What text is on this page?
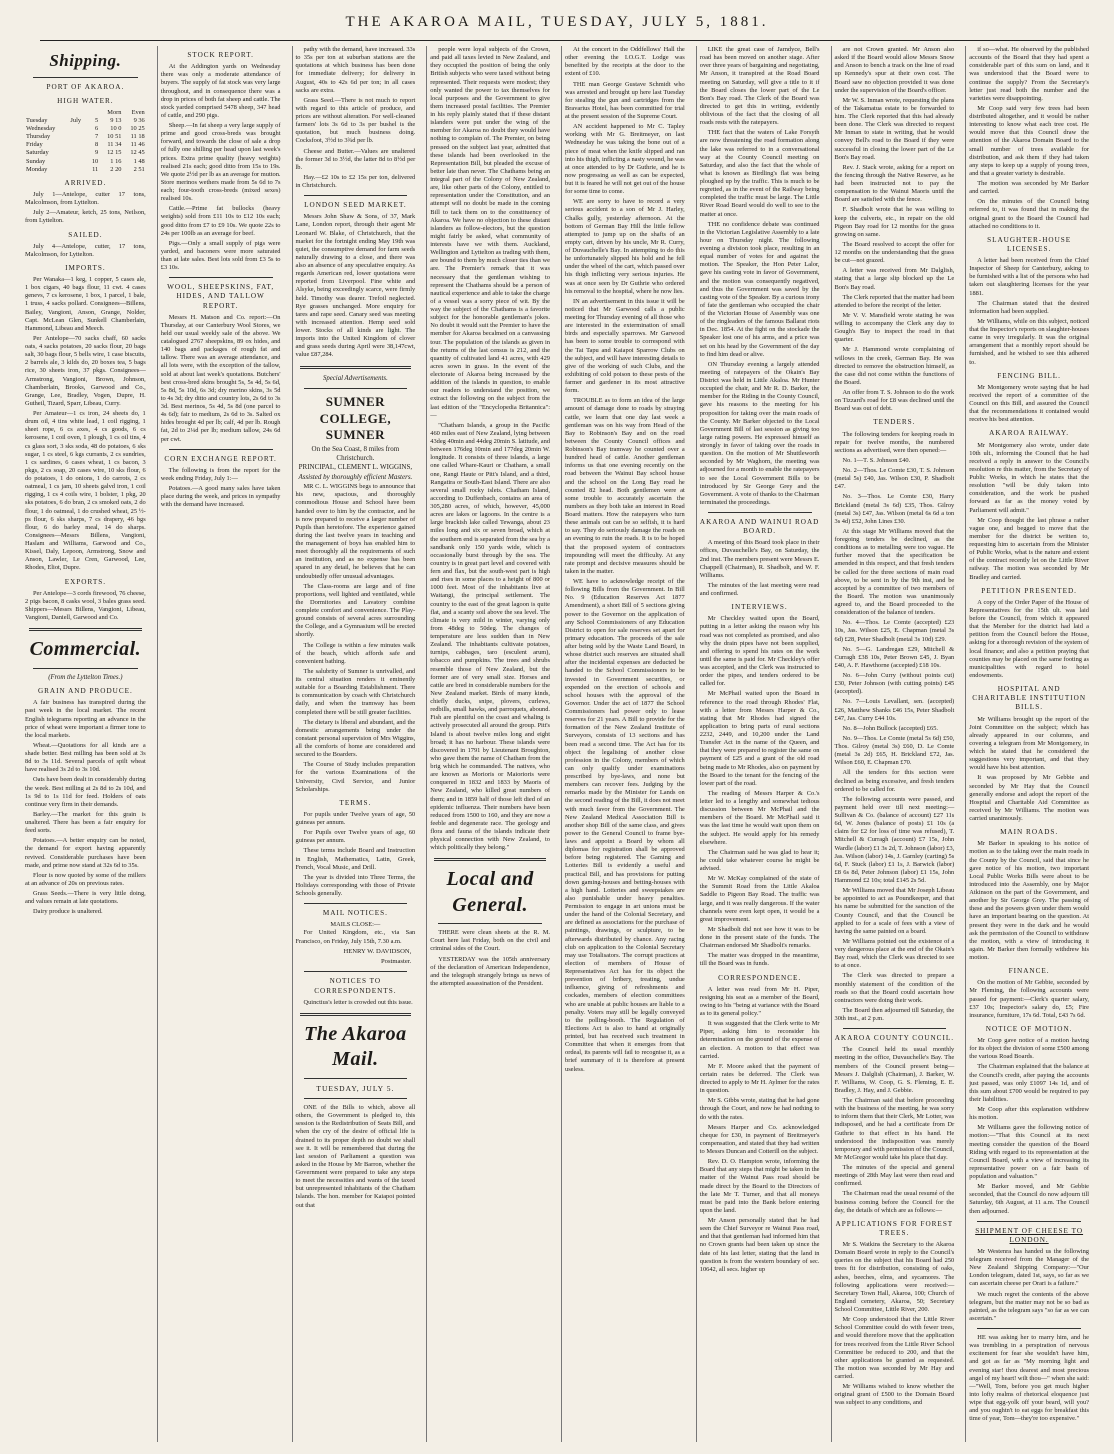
THE AKAROA MAIL, TUESDAY, JULY 5, 1881.
Shipping.
PORT OF AKAROA.
HIGH WATER.
			Morn	Even
Tuesday	July	5	9 13	9 36
Wednesday		6	10 0	10 25
Thursday		7	10 51	11 18
Friday		8	11 34	11 46
Saturday		9	12 15	12 45
Sunday		10	1 16	1 48
Monday		11	2 20	2 51
ARRIVED.

July 1—Antelope, cutter 17 tons, Malcolmson, from Lyttelton.

July 2—Amateur, ketch, 25 tons, Neilson, from Lyttelton.

SAILED.

July 4—Antelope, cutter, 17 tons, Malcolmson, for Lyttelton.

IMPORTS.

Per Wanaka—1 keg, 1 copper, 5 cases ale, 1 box cigars, 40 bags flour, 11 cwt. 4 cases genevs, 7 cs kerosene, 1 box, 1 parcel, 1 bale, 1 truss, 4 sacks pollard. Consignees—Billens, Bailey, Vangioni, Anson, Grange, Nolder, Capt. McLean Glen, Sunkell Chamberlain, Hammond, Libeau and Meech.

Per Antelope—70 sacks chaff, 60 sacks oats, 4 sacks potatoes, 20 sacks flour, 20 bags salt, 30 bags flour, 5 bells wire, 1 case biscuits, 2 barrels ale, 3 kilds do, 20 boxes tea, 5 bags rice, 30 sheets iron, 37 pkgs. Consignees—Armstrong, Vangioni, Brown, Johnson, Chamberlain, Brooks, Garwood and Co., Grange, Lee, Bradley, Vogen, Dupre, H. Gutheil, Tizard, Sparr, Libeau, Curry.

Per Amateur—1 cs iron, 24 sheets do, 1 drum oil, 4 tins white lead, 1 coil rigging, 1 sheet rope, 6 cs axes, 4 cs goods, 6 cs kerosene, 1 coil oven, 1 plough, 1 cs oil tins, 4 cs glass sort, 3 sks soda, 48 do potatoes, 6 sks sugar, 1 cs steel, 6 kgs currants, 2 cs sundries, 1 cs sardines, 6 cases wheat, 1 cs bacon, 3 pkgs, 2 cs soap, 20 cases wire, 10 sks flour, 6 do potatoes, 1 do onions, 1 do carrots, 2 cs oatmeal, 1 cs jam, 10 sheets galvd iron, 1 coil rigging, 1 cs 4 coils wire, 1 bolster, 1 pkg, 20 sks potatoes, 6 do bran, 2 cs smoked oats, 2 do flour, 1 do oatmeal, 1 do crushed wheat, 25 ½-ps flour, 6 sks sharps, 7 cs drapery, 46 bgs flour, 6 do barley meal, 14 do sharps. Consignees—Messrs Billens, Vangioni, Haslam and Williams, Garwood and Co., Kissel, Daly, Lepoon, Armstrong, Snow and Anson, Lawler, Le Cren, Garwood, Lee, Rhodes, Eliot, Dupre.

EXPORTS.

Per Antelope—3 cords firewood, 76 cheese, 2 pigs bacon, 8 casks wool, 3 bales grass seed. Shippers—Messrs Billens, Vangioni, Libeau, Vangioni, Daniell, Garwood and Co.

Commercial.
(From the Lyttelton Times.)
GRAIN AND PRODUCE.

A fair business has transpired during the past week in the local market. The recent English telegrams reporting an advance in the price of wheat were important a firmer tone to the local markets.

Wheat.—Quotations for all kinds are a shade better. Best milling has been sold at 3s 8d to 3s 11d. Several parcels of spilt wheat have realised 3s 2d to 3s 10d.

Oats have been dealt in considerably during the week. Best milling at 2s 8d to 2s 10d, and 1s 9d to 1s 11d for feed. Holders of oats continue very firm in their demands.

Barley.—The market for this grain is unaltered. There has been a fair enquiry for feed sorts.

Potatoes.—A better enquiry can be noted, the demand for export having apparently revived. Considerable purchases have been made, and prime now stand at 32s 6d to 35s.

Flour is now quoted by some of the millers at an advance of 20s on previous rates.

Grass Seeds.—There is very little doing, and values remain at late quotations.

Dairy produce is unaltered.

STOCK REPORT.

At the Addington yards on Wednesday there was only a moderate attendance of buyers. The supply of fat stock was very large throughout, and in consequence there was a drop in prices of both fat sheep and cattle. The stock yarded comprised 5478 sheep, 347 head of cattle, and 290 pigs.

Sheep.—In fat sheep a very large supply of prime and good cross-breds was brought forward, and towards the close of sale a drop of fully one shilling per head upon last week's prices. Extra prime quality (heavy weights) realised 21s each; good ditto from 15s to 19s. We quote 2½d per lb as an average for mutton. Store merinos wethers made from 5s 6d to 7s each; four-tooth cross-breds (mixed sexes) realised 10s.

Cattle.—Prime fat bullocks (heavy weights) sold from £11 10s to £12 10s each; good ditto from £7 to £9 10s. We quote 22s to 24s per 100lb as an average for beef.

Pigs.—Only a small supply of pigs were yarded, and baconers were more saturated than at late sales. Best lots sold from £3 5s to £3 10s.

WOOL, SHEEPSKINS, FAT, HIDES, AND TALLOW REPORT.

Messrs H. Matson and Co. report:—On Thursday, at our Canterbury Wool Stores, we held our usual weekly sale of the above. We catalogued 2767 sheepskins, 89 ox hides, and 140 bags and packages of rough fat and tallow. There was an average attendance, and all lots were, with the exception of the tallow, sold at about last week's quotations. Butchers' best cross-bred skins brought 5s, 5s 4d, 5s 6d, 5s 8d, 5s 10d, 6s 3d; dry merino skins, 3s 5d to 4s 3d; dry ditto and country lots, 2s 6d to 3s 3d. Best merinos, 5s 4d, 5s 8d (one parcel to 4s 6d); fair to medium, 2s 6d to 3s. Salted ox hides brought 4d per lb; calf, 4d per lb. Rough fat, 2d to 2¼d per lb; medium tallow, 24s 6d per cwt.

CORN EXCHANGE REPORT.

The following is from the report for the week ending Friday, July 1:—

Potatoes.—A good many sales have taken place during the week, and prices in sympathy with the demand have increased.

pathy with the demand, have increased. 33s to 35s per ton at suburban stations are the quotations at which business has been done for immediate delivery; for delivery in August, 40s to 42s 6d per ton; in all cases sacks are extra.

Grass Seed.—There is not much to report with regard to this article of produce, and prices are without alteration. For well-cleaned farmers' lots 3s 6d to 3s per bushel is the quotation, but much business doing. Cocksfoot, 3½d to 3¾d per lb.

Cheese and Butter.—Values are unaltered the former 3d to 3½d, the latter 8d to 8½d per lb.

Hay.—£2 10s to £2 15s per ton, delivered in Christchurch.

LONDON SEED MARKET.

Messrs John Shaw & Sons, of 37, Mark Lane, London report, through their agent Mr Leonard W. Blake, of Christchurch, that the market for the fortnight ending May 19th was quiet, the consumptive demand for farm seeds naturally drawing to a close, and there was also an absence of any speculative enquiry. As regards American red, lower quotations were reported from Liverpool. Fine white and Alsyke, being exceedingly scarce, were firmly held. Timothy was dearer. Trefoil neglected. Rye grasses unchanged. More enquiry for tares and rape seed. Canary seed was meeting with increased attention. Hemp seed sold lower. Stocks of all kinds are light. The imports into the United Kingdom of clover and grass seeds during April were 38,147cwt, value £87,284.

Special Advertisements.
SUMNER COLLEGE, SUMNER
On the Sea Coast, 8 miles from Christchurch.
PRINCIPAL, CLEMENT L. WIGGINS,
Assisted by thoroughly efficient Masters.

MR C. L. WIGGINS begs to announce that his new, spacious, and thoroughly commodious House and School have been handed over to him by the contractor, and he is now prepared to receive a larger number of Pupils than heretofore. The experience gained during the last twelve years in teaching and the management of boys has enabled him to meet thoroughly all the requirements of such an institution, and as no expense has been spared in any detail, he believes that he can undoubtedly offer unusual advantages.

The Class-rooms are large and of fine proportions, well lighted and ventilated, while the Dormitories and Lavatory combine complete comfort and convenience. The Play-ground consists of several acres surrounding the College, and a Gymnasium will be erected shortly.

The College is within a few minutes walk of the beach, which affords safe and convenient bathing.

The salubrity of Sumner is unrivalled, and its central situation renders it eminently suitable for a Boarding Establishment. There is communication by coach with Christchurch daily, and when the tramway has been completed there will be still greater facilities.

The dietary is liberal and abundant, and the domestic arrangements being under the constant personal supervision of Mrs Wiggins, all the comforts of home are considered and secured to the Boarders.

The Course of Study includes preparation for the various Examinations of the University, Civil Service, and Junior Scholarships.

TERMS.

For pupils under Twelve years of age, 50 guineas per annum.

For Pupils over Twelve years of age, 60 guineas per annum.

These terms include Board and Instruction in English, Mathematics, Latin, Greek, French, Vocal Music, and Drill.

The year is divided into Three Terms, the Holidays corresponding with those of Private Schools generally.

MAIL NOTICES.
MAILS CLOSE:—

For United Kingdom, etc., via San Francisco, on Friday, July 15th, 7.30 a.m.

HENRY W. DAVIDSON,
Postmaster.
NOTICES TO CORRESPONDENTS.

Quinctius's letter is crowded out this issue.

The Akaroa Mail.
TUESDAY, JULY 5.

ONE of the Bills to which, above all others, the Government is pledged to, this session is the Redistribution of Seats Bill, and when the cry of the desire of official life is drained to its proper depth no doubt we shall see it. It will be remembered that during the last session of Parliament a question was asked in the House by Mr Barron, whether the Government were prepared to take any steps to meet the necessities and wants of the taxed but unrepresented inhabitants of the Chatham Islands. The hon. member for Kaiapoi pointed out that

people were loyal subjects of the Crown, and paid all taxes levied in New Zealand, and they occupied the position of being the only British subjects who were taxed without being represented. Their requests were modest; they only wanted the power to tax themselves for local purposes and the Government to give them increased postal facilities. The Premier in his reply plainly stated that if these distant islanders were put under the wing of the member for Akaroa no doubt they would have nothing to complain of. The Premier, on being pressed on the subject last year, admitted that these islands had been overlooked in the Representation Bill, but pleaded the excuse of better late than never. The Chathams being an integral part of the Colony of New Zealand, are, like other parts of the Colony, entitled to representation under the Constitution, and an attempt will no doubt be made in the coming Bill to tack them on to the constituency of Akaroa. We have no objection to these distant islanders as follow-electors, but the question might fairly be asked, what community of interests have we with them. Auckland, Wellington and Lyttelton as trading with them, are bound to them by much closer ties than we are. The Premier's remark that it was necessary that the gentleman wishing to represent the Chathams should be a person of nautical experience and able to take the charge of a vessel was a sorry piece of wit. By the way the subject of the Chathams is a favorite subject for the honorable gentleman's jokes. No doubt it would suit the Premier to have the member for Akaroa becalmed on a canvassing tour. The population of the islands as given in the returns of the last census is 212, and the quantity of cultivated land 41 acres, with 429 acres sown in grass. In the event of the electorate of Akaroa being increased by the addition of the islands in question, to enable our readers to understand the position, we extract the following on the subject from the last edition of the "Encyclopedia Britannica":—

"Chatham Islands, a group in the Pacific 460 miles east of New Zealand, lying between 43deg 40min and 44deg 20min S. latitude, and between 176deg 10min and 177deg 20min W. longitude. It consists of three islands, a large one called Whare-Kauri or Chatham, a small one, Rangi Haute or Pitt's Island, and a third, Rangatira or South-East Island. There are also several small rocky islets. Chatham Island, according to Duffenbach, contains an area of 305,280 acres, of which, however, 45,000 acres are lakes or lagoons. In the centre is a large brackish lake called Tewanga, about 23 miles long and six or seven broad, which at the southern end is separated from the sea by a sandbank only 150 yards wide, which is occasionally burst through by the sea. The country is in great part level and covered with fern and flax, but the south-west part is high and rises in some places to a height of 800 or 1000 feet. Most of the inhabitants live at Waitangi, the principal settlement. The country to the east of the great lagoon is quite flat, and a scanty soil above the sea level. The climate is very mild in winter, varying only from 48deg to 50deg. The changes of temperature are less sudden than in New Zealand. The inhabitants cultivate potatoes, turnips, cabbages, taro (esculent arum), tobacco and pumpkins. The trees and shrubs resemble those of New Zealand, but the former are of very small size. Horses and cattle are bred in considerable numbers for the New Zealand market. Birds of many kinds, chiefly ducks, snipe, plovers, curlews, redbills, small hawks, and parroquets, abound. Fish are plentiful on the coast and whaling is actively prosecuted all around the group. Pitt's Island is about twelve miles long and eight broad; it has no harbour. These islands were discovered in 1791 by Lieutenant Broughton, who gave them the name of Chatham from the brig which he commanded. The natives, who are known as Morioris or Maiorioris were conquered in 1832 and 1833 by Maoris of New Zealand, who killed great numbers of them; and in 1859 half of those left died of an epidemic influenza. Their numbers have been reduced from 1500 to 160, and they are now a feeble and degenerate race. The geology and flora and fauna of the islands indicate their physical connection with New Zealand, to which politically they belong."

Local and General.

THERE were clean sheets at the R. M. Court here last Friday, both on the civil and criminal sides of the Court.

YESTERDAY was the 105th anniversary of the declaration of American Independence, and the telegraph strangely brings us news of the attempted assassination of the President.

At the concert in the Oddfellows' Hall the other evening the I.O.G.T. Lodge was benefited by the receipts at the door to the extent of £10.

THE man George Gustave Schmidt who was arrested and brought up here last Tuesday for stealing the gun and cartridges from the Bravarius Hotel, has been committed for trial at the present session of the Supreme Court.

AN accident happened to Mr C. Tapley working with Mr G. Breitmeyer, on last Wednesday he was taking the bone out of a piece of meat when the knife slipped and ran into his thigh, inflicting a nasty wound, he was at once attended to by Dr Guthrie, and he is now progressing as well as can be expected, but it is feared he will not get out of the house for some time to come.

WE are sorry to have to record a very serious accident to a son of Mr J. Harley, Chalks gully, yesterday afternoon. At the bottom of German Bay Hill the little fellow attempted to jump up on the shafts of an empty cart, driven by his uncle, Mr R. Curry, of Duvauchelle's Bay. In attempting to do this he unfortunately slipped his hold and he fell under the wheel of the cart, which passed over his thigh inflicting very serious injuries. He was at once seen by Dr Guthrie who ordered his removal to the hospital, where he now lies.

IN an advertisement in this issue it will be noticed that Mr Garwood calls a public meeting for Thursday evening of all those who are interested in the extermination of small birds and especially sparrows. Mr Garwood has been to some trouble to correspond with the Tai Tapu and Kaiapoi Sparrow Clubs on the subject, and will have interesting details to give of the working of such Clubs, and the exhibiting of cold poison to these pests of the farmer and gardener in its most attractive form.

TROUBLE as to form an idea of the large amount of damage done to roads by straying cattle, we learn that one day last week a gentleman was on his way from Head of the Bay to Robinson's Bay and on the road between the County Council offices and Robinson's Bay tramway he counted over a hundred head of cattle. Another gentleman informs us that one evening recently on the road between the Wainui Bay school house and the school on the Long Bay road he counted 82 head. Both gentlemen were at some trouble to accurately ascertain the numbers as they both take an interest in Road Board matters. How the ratepayers who turn these animals out can be so selfish, it is hard to say. They do seriously damage the roads on an evening to ruin the roads. It is to be hoped that the proposed system of contractors impounding will meet the difficulty. At any rate prompt and decisive measures should be taken in the matter.

WE have to acknowledge receipt of the following Bills from the Government. In Bill No. 9 (Education Reserves Act 1877 Amendment), a short Bill of 5 sections giving power to the Governor on the application of any School Commissioners of any Education District to open for sale reserves set apart for primary education. The proceeds of the sale after being sold by the Waste Land Board, in whose district such reserves are situated shall after the incidental expenses are deducted be handed to the School Commissioners to be invested in Government securities, or expended on the erection of schools and school houses with the approval of the Governor. Under the act of 1877 the School Commissioners had power only to lease reserves for 21 years. A Bill to provide for the formation of the New Zealand Institute of Surveyors, consists of 13 sections and has been read a second time. The Act has for its object the legalising of another close profession in the Colony, members of which can only qualify under examinations prescribed by bye-laws, and none but members can recover fees. Judging by the remarks made by the Minister for Lands on the second reading of the Bill, it does not meet with much favor from the Government. The New Zealand Medical Association Bill is another shop Bill of the same class, and gives power to the General Council to frame bye-laws and appoint a Board by whom all diplomas for registration shall be approved before being registered. The Gaming and Lotteries Bill is evidently a useful and practical Bill, and has provisions for putting down gaming-houses and betting-houses with a high hand. Lotteries and sweepstakes are also punishable under heavy penalties. Permission to engage in art unions must be under the hand of the Colonial Secretary, and are defined as associations for the purchase of paintings, drawings, or sculpture, to be afterwards distributed by chance. Any racing club on application to the Colonial Secretary may use Totalisators. The corrupt practices at election of members of House of Representatives Act has for its object the prevention of bribery, treating, undue influence, giving of refreshments and cockades, members of election committees who are unable at public houses are liable to a penalty. Voters may still be legally conveyed to the polling-booth. The Regulation of Elections Act is also to hand at originally printed, but has received such treatment in Committee that when it emerges from that ordeal, its parents will fail to recognise it, as a brief summary of it is therefore at present useless.

LIKE the great case of Jarndyce, Bell's road has been moved on another stage. After over three years of bargaining and negotiating, Mr Anson, it transpired at the Road Board meeting on Saturday, will give a title to it if the Board closes the lower part of the Le Bon's Bay road. The Clerk of the Board was directed to get this in writing, evidently oblivious of the fact that the closing of all roads rests with the ratepayers.

THE fact that the waters of Lake Forsyth are now threatening the road formation along the lake was referred to in a conversational way at the County Council meeting on Saturday, and also the fact that the whole of what is known as Birdling's flat was being ploughed up by the traffic. This is much to be regretted, as in the event of the Railway being completed the traffic must be large. The Little River Road Board would do well to see to the matter at once.

THE no confidence debate was continued in the Victorian Legislative Assembly to a late hour on Thursday night. The following evening a division took place, resulting in an equal number of votes for and against the motion. The Speaker, the Hon Peter Lalor, gave his casting vote in favor of Government, and the motion was consequently negatived, and thus the Government was saved by the casting vote of the Speaker. By a curious irony of fate the gentleman who occupied the chair of the Victorian House of Assembly was one of the ringleaders of the famous Ballarat riots in Dec. 1854. At the fight on the stockade the Speaker lost one of his arms, and a price was set on his head by the Government of the day to find him dead or alive.

ON Thursday evening a largely attended meeting of ratepayers of the Okain's Bay District was held in Little Akaloa. Mr Hunter occupied the chair, and Mr R. D. Barker, the member for the Riding in the County Council, gave his reasons to the meeting for his proposition for taking over the main roads of the County. Mr Barker objected to the Local Government Bill of last session as giving too large rating powers. He expressed himself as strongly in favor of taking over the roads in question. On the motion of Mr Shuttleworth seconded by Mr Waghorn, the meeting was adjourned for a month to enable the ratepayers to see the Local Government Bills to be introduced by Sir George Grey and the Government. A vote of thanks to the Chairman terminated the proceedings.

AKAROA AND WAINUI ROAD BOARD.

A meeting of this Board took place in their offices, Duvauchelle's Bay, on Saturday, the 2nd inst. The members present were Messrs E. Chappell (Chairman), R. Shadbolt, and W. F. Williams.

The minutes of the last meeting were read and confirmed.

INTERVIEWS.

Mr Checkley waited upon the Board, putting in a letter asking the reason why his road was not completed as promised, and also why the drain pipes have not been supplied, and offering to spend his rates on the work until the same is paid for. Mr Checkley's offer was accepted, and the Clerk was instructed to order the pipes, and tenders ordered to be called for.

Mr McPhail waited upon the Board in reference to the road through Rhodes' Flat, with a letter from Messrs Harper & Co., stating that Mr Rhodes had signed the application to bring parts of rural sections 2232, 2449, and 10,200 under the Land Transfer Act in the name of the Queen, and that they were prepared to register the same on payment of £25 and a grant of the old road being made to Mr Rhodes, also on payment by the Board to the tenant for the fencing of the lower part of the road.

The reading of Messrs Harper & Co.'s letter led to a lengthy and somewhat tedious discussion between Mr McPhail and the members of the Board. Mr McPhail said it was the last time he would wait upon them on the subject. He would apply for his remedy elsewhere.

The Chairman said he was glad to hear it; he could take whatever course he might be advised.

Mr W. McKay complained of the state of the Summit Road from the Little Akaloa Saddle to Pigeon Bay Road. The traffic was large, and it was really dangerous. If the water channels were even kept open, it would be a great improvement.

Mr Shadbolt did not see how it was to be done in the present state of the funds. The Chairman endorsed Mr Shadbolt's remarks.

The matter was dropped in the meantime, till the Board was in funds.

CORRESPONDENCE.

A letter was read from Mr H. Piper, resigning his seat as a member of the Board, owing to his "being at variance with the Board as to its general policy."

It was suggested that the Clerk write to Mr Piper, asking him to reconsider his determination on the ground of the expense of an election. A motion to that effect was carried.

Mr F. Moore asked that the payment of certain rates be deferred. The Clerk was directed to apply to Mr H. Aylmer for the rates in question.

Mr S. Gibbs wrote, stating that he had gone through the Court, and now he had nothing to do with the rates.

Messrs Harper and Co. acknowledged cheque for £30, in payment of Breitmeyer's compensation, and stated that they had written to Messrs Duncan and Cotterill on the subject.

Rev. D. O. Hampton wrote, informing the Board that any steps that might be taken in the matter of the Wainui Pass road should be made direct by the Board to the Directors of the late Mr T. Turner, and that all moneys must be paid into the Bank before entering upon the land.

Mr Anson personally stated that he had seen the Chief Surveyor re Wainui Pass road, and that that gentleman had informed him that no Crown grants had been taken up since the date of his last letter, stating that the land in question is from the western boundary of sec. 10642, all secs. higher up

are not Crown granted. Mr Anson also asked if the Board would allow Messrs Snow and Anson to bench a track on the line of road up Kennedy's spur at their own cost. The Board saw no objection provided it was done under the supervision of the Board's officer.

Mr W. S. Inman wrote, requesting the plans of the Takamatua estate to be forwarded to him. The Clerk reported that this had already been done. The Clerk was directed to request Mr Inman to state in writing, that he would convey Bell's road to the Board if they were successful in closing the lower part of the Le Bon's Bay road.

Rev. J. Stack wrote, asking for a report on the fencing through the Native Reserve, as he had been instructed not to pay the compensation to the Wainui Maoris until the Board are satisfied with the fence.

F. Shadbolt wrote that he was willing to keep the culverts, etc., in repair on the old Pigeon Bay road for 12 months for the grass growing on same.

The Board resolved to accept the offer for 12 months on the understanding that the grass be cut—not grazed.

A letter was received from Mr Dalglish, stating that a large slip blocked up the Le Bon's Bay road.

The Clerk reported that the matter had been attended to before the receipt of the letter.

Mr V. V. Mansfield wrote stating he was willing to accompany the Clerk any day to Gough's Bay to inspect the road in that quarter.

Mr J. Hammond wrote complaining of willows in the creek, German Bay. He was directed to remove the obstruction himself, as the case did not come within the functions of the Board.

An offer from T. S. Johnson to do the work on Tizzard's road for £8 was declined until the Board was out of debt.

TENDERS.

The following tenders for keeping roads in repair for twelve months, the numbered sections as advertised, were then opened:—

No. 1—T. S. Johnson £40.

No. 2—Thos. Le Comte £30, T. S. Johnson (metal 5s) £40, Jas. Wilson £30, P. Shadbolt £47.

No. 3—Thos. Le Comte £30, Harry Brickland (metal 3s 6d) £35, Thos. Gilroy (metal 3s) £47, Jas. Wilson (metal 6s 6d a ton 3s 4d) £52, John Lines £30.

At this stage Mr Williams moved that the foregoing tenders be declined, as the conditions as to metalling were too vague. He further moved that the specification be amended in this respect, and that fresh tenders be called for the three sections of main road above, to be sent in by the 9th inst, and be accepted by a committee of two members of the Board. The motion was unanimously agreed to, and the Board proceeded to the consideration of the balance of tenders.

No. 4—Thos. Le Comte (accepted) £23 10s, Jas. Wilson £25, E. Chapman (metal 3s 6d) £28, Peter Shadbolt (metal 3s 10d) £29.

No. 5—G. Landregan £29, Mitchell & Curragh £38 10s, Peter Brown £45, J. Byan £40, A. F. Hawthorne (accepted) £18 10s.

No. 6—John Curry (without points cut) £30, Peter Johnson (with cutting points) £45 (accepted).

No. 7—Louis Levallant, sen. (accepted) £26, Matthew Shanks £46 15s, Peter Shadbolt £47, Jas. Curry £44 10s.

No. 8—John Bullock (accepted) £65.

No. 9—Thos. Le Comte (metal 5s 6d) £50, Thos. Gilroy (metal 3s) £60, D. Le Comte (metal 3s 2d) £65, H. Brickland £72, Jas. Wilson £60, E. Chapman £70.

All the tenders for this section were declined as being excessive, and fresh tenders ordered to be called for.

The following accounts were passed, and payment held over till next meeting:—Sullivan & Co. (balance of account) £27 11s 6d, W. Jones (balance of posts) £1 10s (a claim for £2 for loss of time was refused), T. Mitchell & Curragh (account) £7 15s, John Wardle (labor) £1 3s 2d, T. Johnson (labor) £3, Jas. Wilson (labor) 14s, J. Garnley (carting) 5s 6d, F. Stuck (labor) £1 1s, J. Barwick (labor) £8 6s 8d, Peter Johnson (labor) £1 15s, John Hammond £2 10s; total £145 2s 5d.

Mr Williams moved that Mr Joseph Libeau be appointed to act as Poundkeeper, and that his name be submitted for the sanction of the County Council, and that the Council be applied to for a scale of fees with a view of having the same painted on a board.

Mr Williams pointed out the existence of a very dangerous place at the end of the Okain's Bay road, which the Clerk was directed to see to at once.

The Clerk was directed to prepare a monthly statement of the condition of the roads so that the Board could ascertain how contractors were doing their work.

The Board then adjourned till Saturday, the 30th inst., at 2 p.m.

AKAROA COUNTY COUNCIL.

The Council held its usual monthly meeting in the office, Duvauchelle's Bay. The members of the Council present being—Messrs J. Dalglish (Chairman), J. Barker, W. F. Williams, W. Coop, G. S. Fleming, E. E. Bradley, J. Hay, and J. Gebbie.

The Chairman said that before proceeding with the business of the meeting, he was sorry to inform them that their Clerk, Mr Lotter, was indisposed, and he had a certificate from Dr Guthrie to that effect in his hand. He understood the indisposition was merely temporary and with permission of the Council, Mr McGregor would take his place that day.

The minutes of the special and general meetings of 28th May last were then read and confirmed.

The Chairman read the usual resumé of the business coming before the Council for the day, the details of which are as follows:—

APPLICATIONS FOR FOREST TREES.

Mr S. Watkins the Secretary to the Akaroa Domain Board wrote in reply to the Council's queries on the subject that his Board had 250 trees fit for distribution, consisting of oaks, ashes, beeches, elms, and sycamores. The following applications were received:—Secretary Town Hall, Akaroa, 100; Church of England cemetery, Akaroa, 50; Secretary School Committee, Little River, 200.

Mr Coop understood that the Little River School Committee could do with fewer trees, and would therefore move that the application for trees received from the Little River School Committee be reduced to 200, and that the other applications be granted as requested. The motion was seconded by Mr Hay and carried.

Mr Williams wished to know whether the original grant of £500 to the Domain Board was subject to any conditions, and

if so—what. He observed by the published accounts of the Board that they had spent a considerable part of this sum on land, and it was understood that the Board were to continue the supply? From the Secretary's letter just read both the number and the varieties were disappointing.

Mr Coop said very few trees had been distributed altogether, and it would be rather interesting to know what each tree cost. He would move that this Council draw the attention of the Akaroa Domain Board to the small number of trees available for distribution, and ask them if they had taken any steps to keep up a supply of young trees, and that a greater variety is desirable.

The motion was seconded by Mr Barker and carried.

On the minutes of the Council being referred to, it was found that in making the original grant to the Board the Council had attached no conditions to it.

SLAUGHTER-HOUSE LICENSES.

A letter had been received from the Chief Inspector of Sheep for Canterbury, asking to be furnished with a list of the persons who had taken out slaughtering licenses for the year 1881.

The Chairman stated that the desired information had been supplied.

Mr Williams, while on this subject, noticed that the Inspector's reports on slaughter-houses came in very irregularly. It was the original arrangement that a monthly report should be furnished, and he wished to see this adhered to.

FENCING BILL.

Mr Montgomery wrote saying that he had received the report of a committee of the Council on this Bill, and assured the Council that the recommendations it contained would receive his best attention.

AKAROA RAILWAY.

Mr Montgomery also wrote, under date 10th ult., informing the Council that he had received a reply in answer to the Council's resolution re this matter, from the Secretary of Public Works, in which he states that the resolution "will be duly taken into consideration, and the work be pushed forward as far as the money voted by Parliament will admit."

Mr Coop thought the last phrase a rather vague one, and begged to move that the member for the district be written to, requesting him to ascertain from the Minister of Public Works, what is the nature and extent of the contract recently let on the Little River railway. The motion was seconded by Mr Bradley and carried.

PETITION PRESENTED.

A copy of the Order Paper of the House of Representatives for the 15th ult. was laid before the Council, from which it appeared that the Member for the district had laid a petition from the Council before the House, asking for a thorough revision of the system of local finance; and also a petition praying that counties may be placed on the same footing as municipalities with regard to hotel endowments.

HOSPITAL AND CHARITABLE INSTITUTION BILLS.

Mr Williams brought up the report of the Joint Committee on the subject; which has already appeared in our columns, and covering a telegram from Mr Montgomery, in which he stated that he considered the suggestions very important, and that they would have his best attention.

It was proposed by Mr Gebbie and seconded by Mr Hay that the Council generally endorse and adopt the report of the Hospital and Charitable Aid Committee as received by Mr Williams. The motion was carried unanimously.

MAIN ROADS.

Mr Barker in speaking to his notice of motion as to the taking over the main roads in the County by the Council, said that since he gave notice of his motion, two important Local Public Works Bills were about to be introduced into the Assembly, one by Major Atkinson on the part of the Government, and another by Sir George Grey. The passing of these and the powers given under them would have an important bearing on the question. At present they were in the dark and he would ask the permission of the Council to withdraw the motion, with a view of introducing it again. Mr Barker then formally withdrew his motion.

FINANCE.

On the motion of Mr Gebbie, seconded by Mr Fleming, the following accounts were passed for payment:—Clerk's quarter salary, £37 10s; Inspector's salary do, £5; Fire insurance, furniture, 17s 6d. Total, £43 7s 6d.

NOTICE OF MOTION.

Mr Coop gave notice of a motion having for its object the division of some £500 among the various Road Boards.

The Chairman explained that the balance at the Council's credit, after paying the accounts just passed, was only £1097 14s 1d, and of this sum about £700 would be required to pay their liabilities.

Mr Coop after this explanation withdrew his motion.

Mr Williams gave the following notice of motion:—"That this Council at its next meeting consider the question of the Board Riding with regard to its representation at the Council Board, with a view of increasing its representative power on a fair basis of population and valuation."

Mr Barker moved, and Mr Gebbie seconded, that the Council do now adjourn till Saturday, 6th August, at 11 a.m. The Council then adjourned.

SHIPMENT OF CHEESE TO LONDON.

Mr Westenra has handed us the following telegram received from the Manager of the New Zealand Shipping Company:—"Our London telegram, dated 1st, says, so far as we can ascertain cheese per Orari is a failure."

We much regret the contents of the above telegram, but the matter may not be so bad as painted, as the telegram says "so far as we can ascertain."

HE was asking her to marry him, and he was trembling in a perspiration of nervous excitement for fear she wouldn't have him, and got as far as "My morning light and evening star! thou dearest and most precious angel of my heart! wilt thou—" when she said:—"Well, Tom, before you get much higher into lofty realms of rhetorical eloquence just wipe that egg-yolk off your beard, will you? and you oughtn't to eat eggs for breakfast this time of year, Tom—they're too expensive."
